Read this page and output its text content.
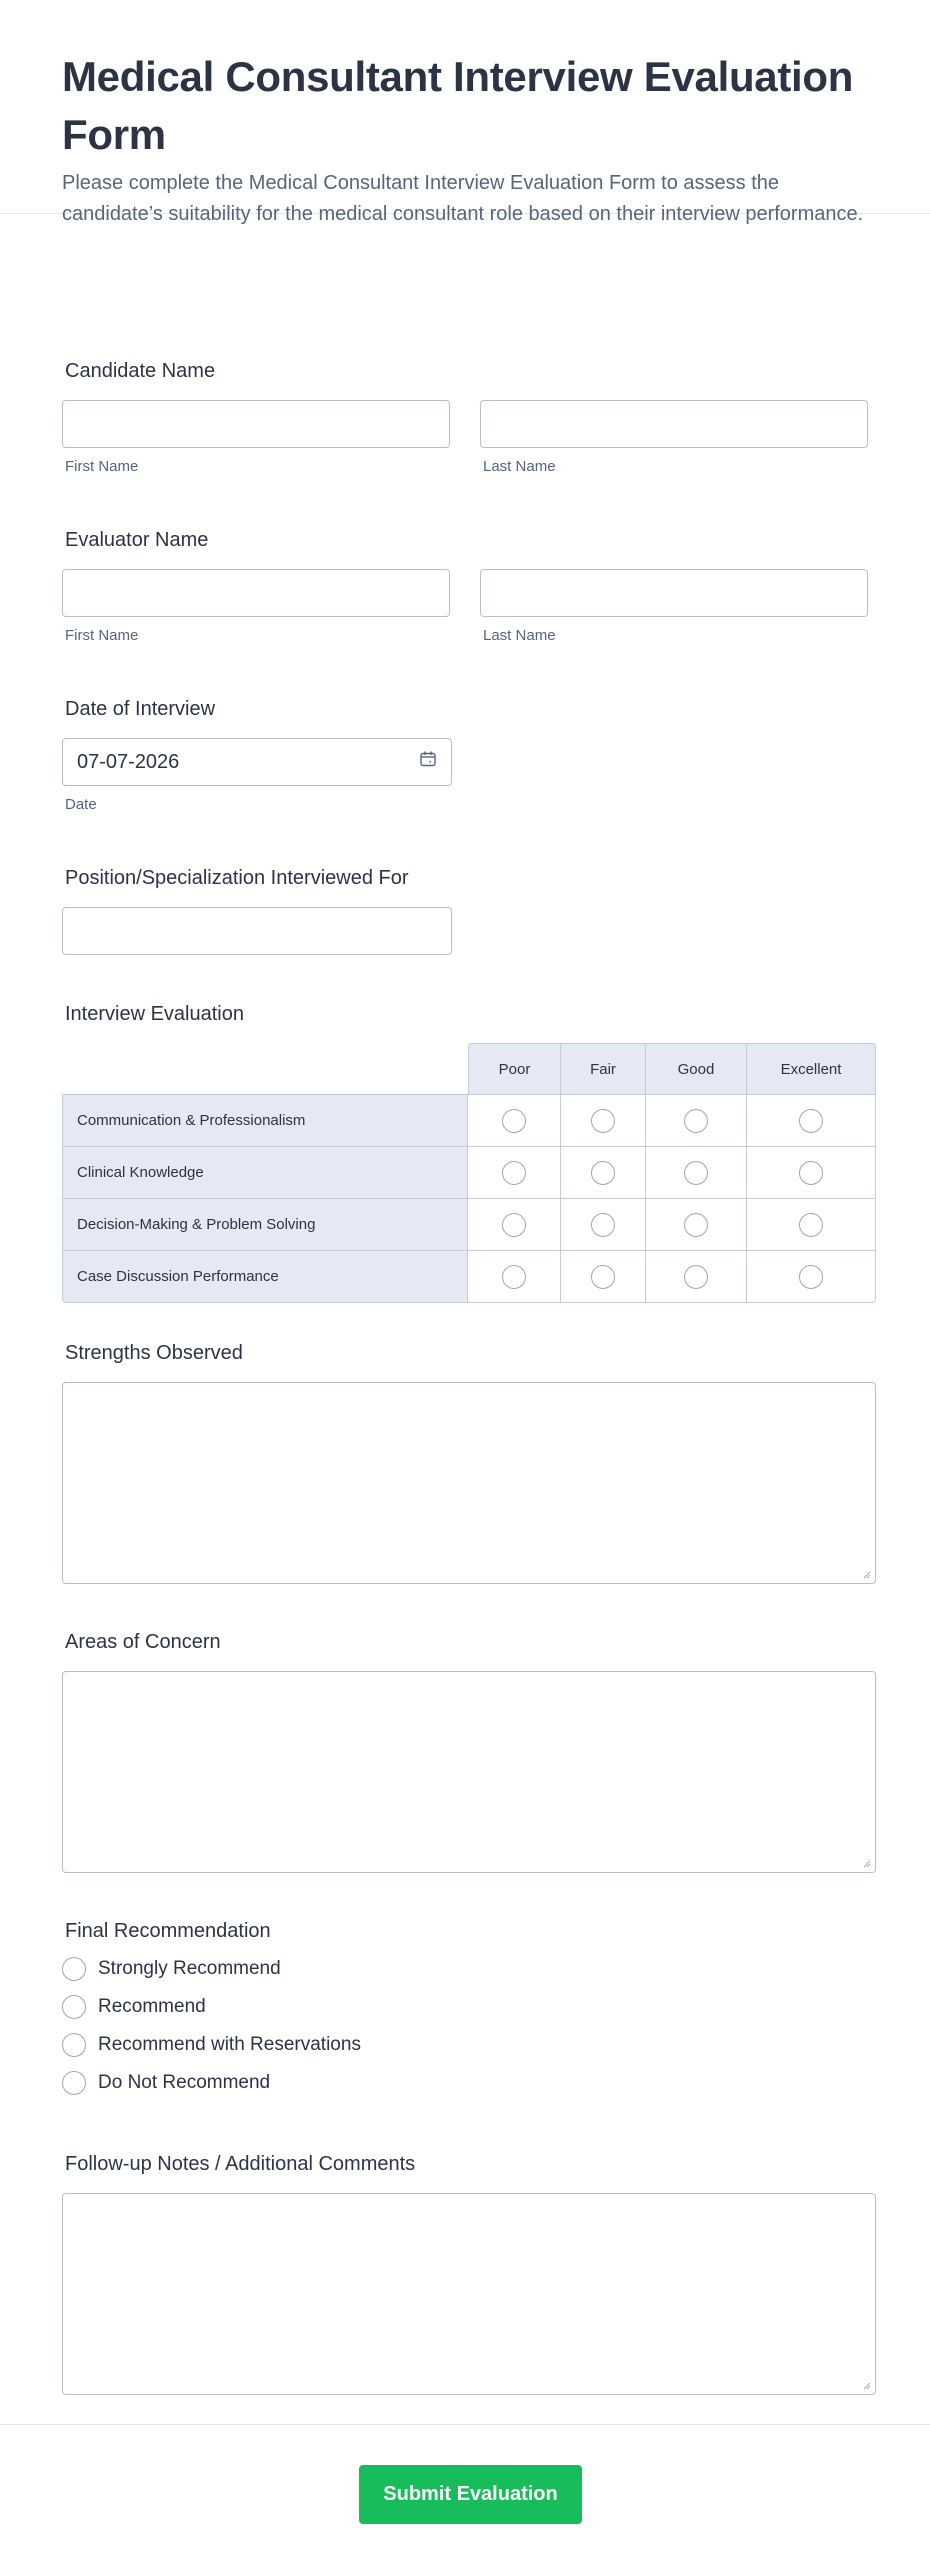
Medical Consultant Interview Evaluation Form
Please complete the Medical Consultant Interview Evaluation Form to assess the candidate’s suitability for the medical consultant role based on their interview performance.
Candidate Name
First Name	Last Name
Evaluator Name
First Name	Last Name
Date of Interview
07-07-2026
Date
Position/Specialization Interviewed For
Interview Evaluation
	Poor	Fair	Good	Excellent
Communication & Professionalism				
Clinical Knowledge				
Decision-Making & Problem Solving				
Case Discussion Performance				
Strengths Observed
Areas of Concern
Final Recommendation
Strongly Recommend
Recommend
Recommend with Reservations
Do Not Recommend
Follow-up Notes / Additional Comments
Submit Evaluation
